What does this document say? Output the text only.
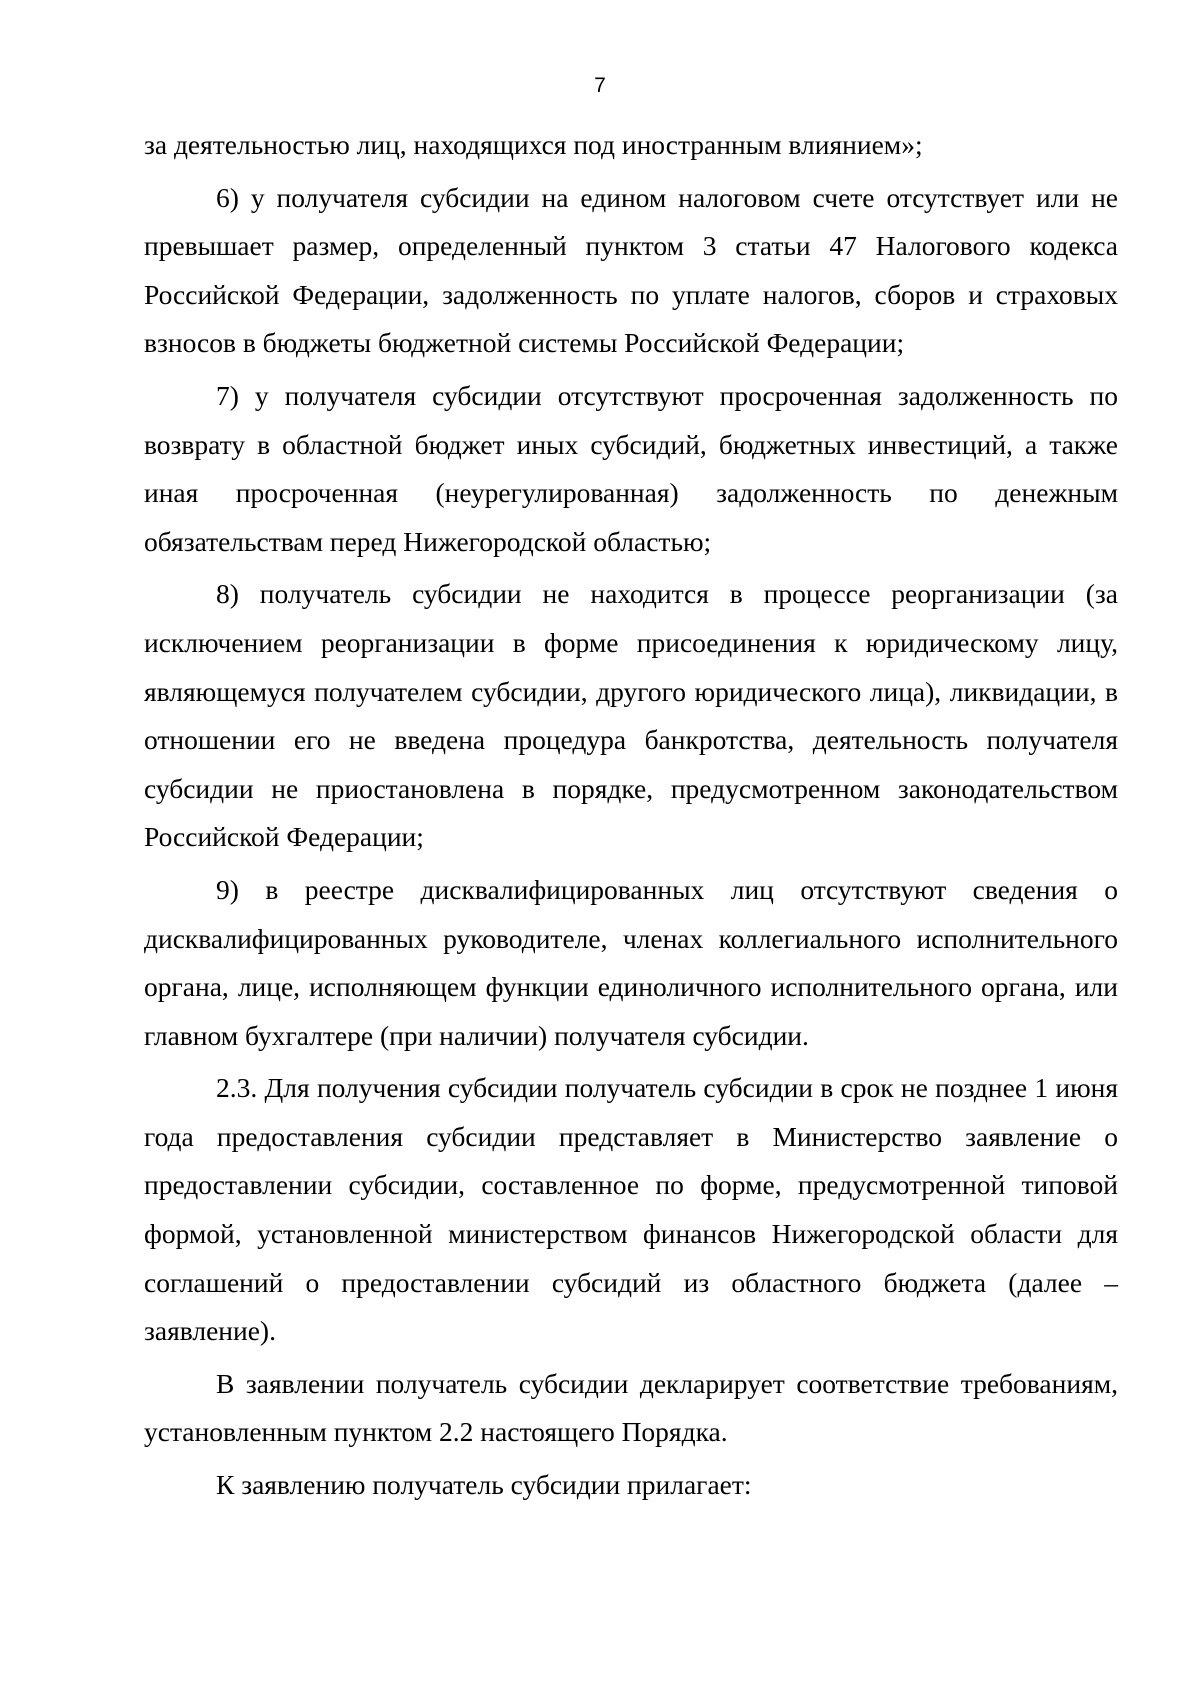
7

за деятельностью лиц, находящихся под иностранным влиянием»;

6) у получателя субсидии на едином налоговом счете отсутствует или не превышает размер, определенный пунктом 3 статьи 47 Налогового кодекса Российской Федерации, задолженность по уплате налогов, сборов и страховых взносов в бюджеты бюджетной системы Российской Федерации;

7) у получателя субсидии отсутствуют просроченная задолженность по возврату в областной бюджет иных субсидий, бюджетных инвестиций, а также иная просроченная (неурегулированная) задолженность по денежным обязательствам перед Нижегородской областью;

8) получатель субсидии не находится в процессе реорганизации (за исключением реорганизации в форме присоединения к юридическому лицу, являющемуся получателем субсидии, другого юридического лица), ликвидации, в отношении его не введена процедура банкротства, деятельность получателя субсидии не приостановлена в порядке, предусмотренном законодательством Российской Федерации;

9) в реестре дисквалифицированных лиц отсутствуют сведения о дисквалифицированных руководителе, членах коллегиального исполнительного органа, лице, исполняющем функции единоличного исполнительного органа, или главном бухгалтере (при наличии) получателя субсидии.

2.3. Для получения субсидии получатель субсидии в срок не позднее 1 июня года предоставления субсидии представляет в Министерство заявление о предоставлении субсидии, составленное по форме, предусмотренной типовой формой, установленной министерством финансов Нижегородской области для соглашений о предоставлении субсидий из областного бюджета (далее – заявление).

В заявлении получатель субсидии декларирует соответствие требованиям, установленным пунктом 2.2 настоящего Порядка.

К заявлению получатель субсидии прилагает:
